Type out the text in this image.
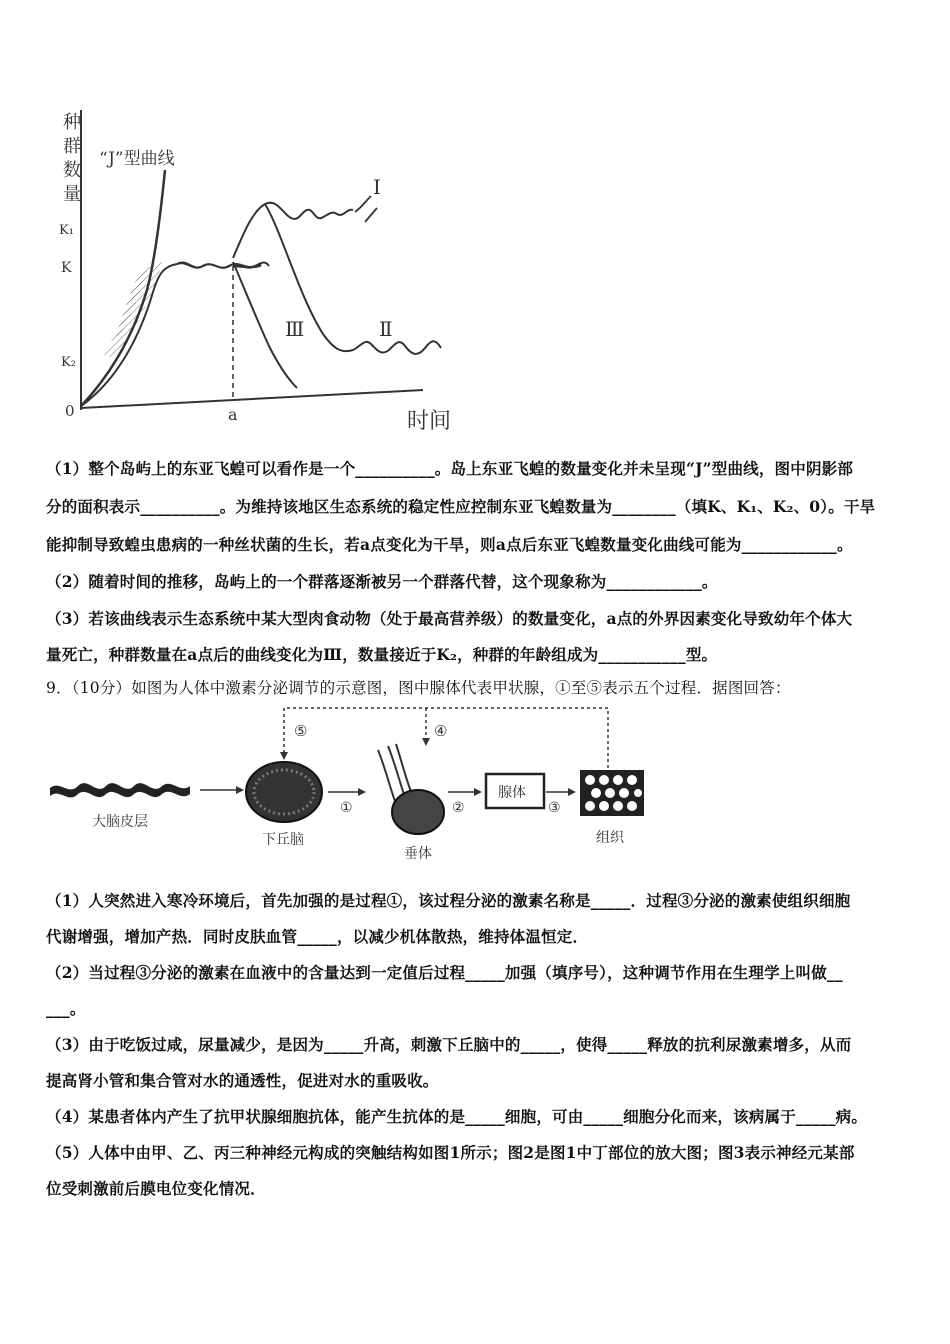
种
群
数
量
K₁
K
K₂
0
“J”型曲线
Ⅰ
Ⅱ
Ⅲ
a	时间
（1）整个岛屿上的东亚飞蝗可以看作是一个__________。岛上东亚飞蝗的数量变化并未呈现“J”型曲线，图中阴影部
分的面积表示__________。为维持该地区生态系统的稳定性应控制东亚飞蝗数量为________（填K、K₁、K₂、0）。干旱
能抑制导致蝗虫患病的一种丝状菌的生长，若a点变化为干旱，则a点后东亚飞蝗数量变化曲线可能为____________。
（2）随着时间的推移，岛屿上的一个群落逐渐被另一个群落代替，这个现象称为____________。
（3）若该曲线表示生态系统中某大型肉食动物（处于最高营养级）的数量变化，a点的外界因素变化导致幼年个体大
量死亡，种群数量在a点后的曲线变化为Ⅲ，数量接近于K₂，种群的年龄组成为___________型。
9．（10分）如图为人体中激素分泌调节的示意图，图中腺体代表甲状腺，①至⑤表示五个过程．据图回答：
大脑皮层
下丘脑
①
垂体
②
腺体
③
组织
⑤	④
（1）人突然进入寒冷环境后，首先加强的是过程①，该过程分泌的激素名称是_____．过程③分泌的激素使组织细胞
代谢增强，增加产热．同时皮肤血管_____，以减少机体散热，维持体温恒定．
（2）当过程③分泌的激素在血液中的含量达到一定值后过程_____加强（填序号），这种调节作用在生理学上叫做__
___。
（3）由于吃饭过咸，尿量减少，是因为_____升高，刺激下丘脑中的_____，使得_____释放的抗利尿激素增多，从而
提高肾小管和集合管对水的通透性，促进对水的重吸收。
（4）某患者体内产生了抗甲状腺细胞抗体，能产生抗体的是_____细胞，可由_____细胞分化而来，该病属于_____病。
（5）人体中由甲、乙、丙三种神经元构成的突触结构如图1所示；图2是图1中丁部位的放大图；图3表示神经元某部
位受刺激前后膜电位变化情况．
